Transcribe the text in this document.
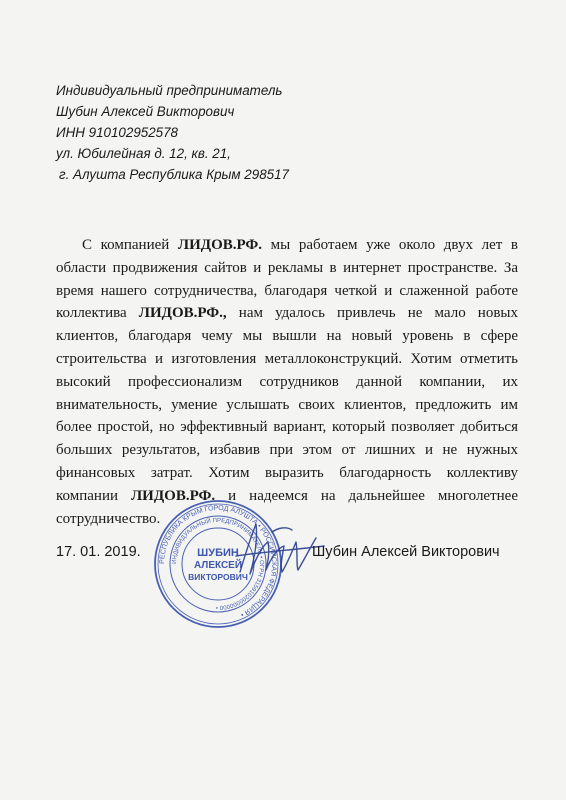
Индивидуальный предприниматель
Шубин Алексей Викторович
ИНН 910102952578
ул. Юбилейная д. 12, кв. 21,
г. Алушта Республика Крым 298517

С компанией ЛИДОВ.РФ. мы работаем уже около двух лет в области продвижения сайтов и рекламы в интернет пространстве. За время нашего сотрудничества, благодаря четкой и слаженной работе коллектива ЛИДОВ.РФ., нам удалось привлечь не мало новых клиентов, благодаря чему мы вышли на новый уровень в сфере строительства и изготовления металлоконструкций. Хотим отметить высокий профессионализм сотрудников данной компании, их внимательность, умение услышать своих клиентов, предложить им более простой, но эффективный вариант, который позволяет добиться больших результатов, избавив при этом от лишних и не нужных финансовых затрат. Хотим выразить благодарность коллективу компании ЛИДОВ.РФ. и надеемся на дальнейшее многолетнее сотрудничество.

17. 01. 2019.
РЕСПУБЛИКА КРЫМ ГОРОД АЛУШТА • РОССИЙСКАЯ ФЕДЕРАЦИЯ •
ИНДИВИДУАЛЬНЫЙ ПРЕДПРИНИМАТЕЛЬ • ОГРН 315910200000000 •
ШУБИН
АЛЕКСЕЙ
ВИКТОРОВИЧ
Шубин Алексей Викторович
